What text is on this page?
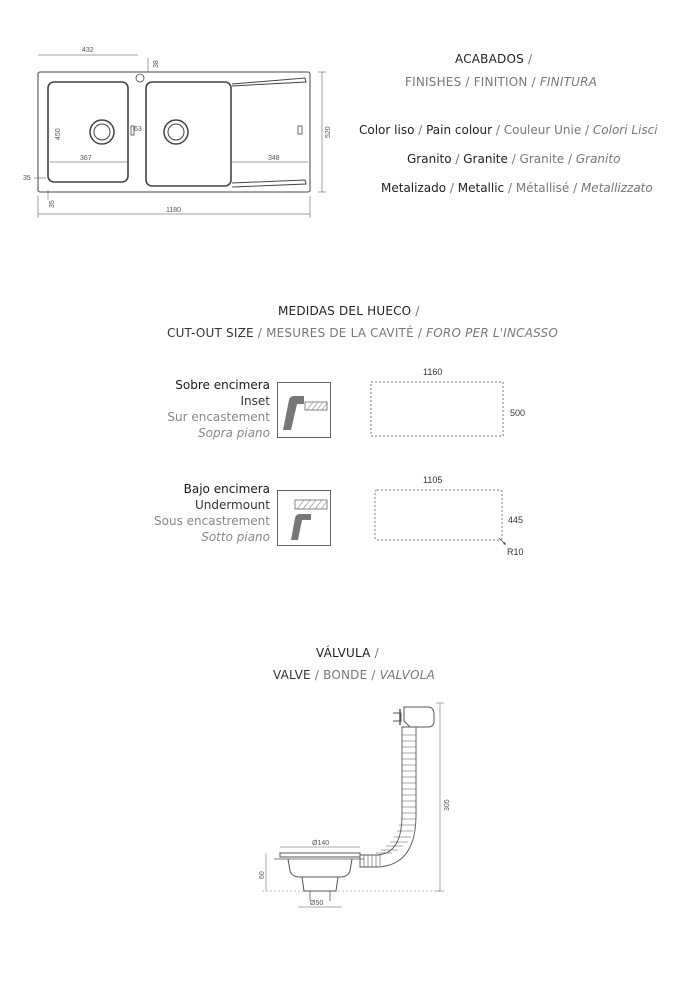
432
38
63
450
367	348
520
35
35
1180
ACABADOS /
FINISHES / FINITION / FINITURA
Color liso / Pain colour / Couleur Unie / Colori Lisci
Granito / Granite / Granite / Granito
Metalizado / Metallic / Métallisé / Metallizzato
MEDIDAS DEL HUECO /
CUT-OUT SIZE / MESURES DE LA CAVITÉ / FORO PER L'INCASSO
Sobre encimera
Inset
Sur encastement
Sopra piano
1160
500
Bajo encimera
Undermount
Sous encastrement
Sotto piano
1105
445
R10
VÁLVULA /
VALVE / BONDE / VALVOLA
Ø140
60
Ø50
305
